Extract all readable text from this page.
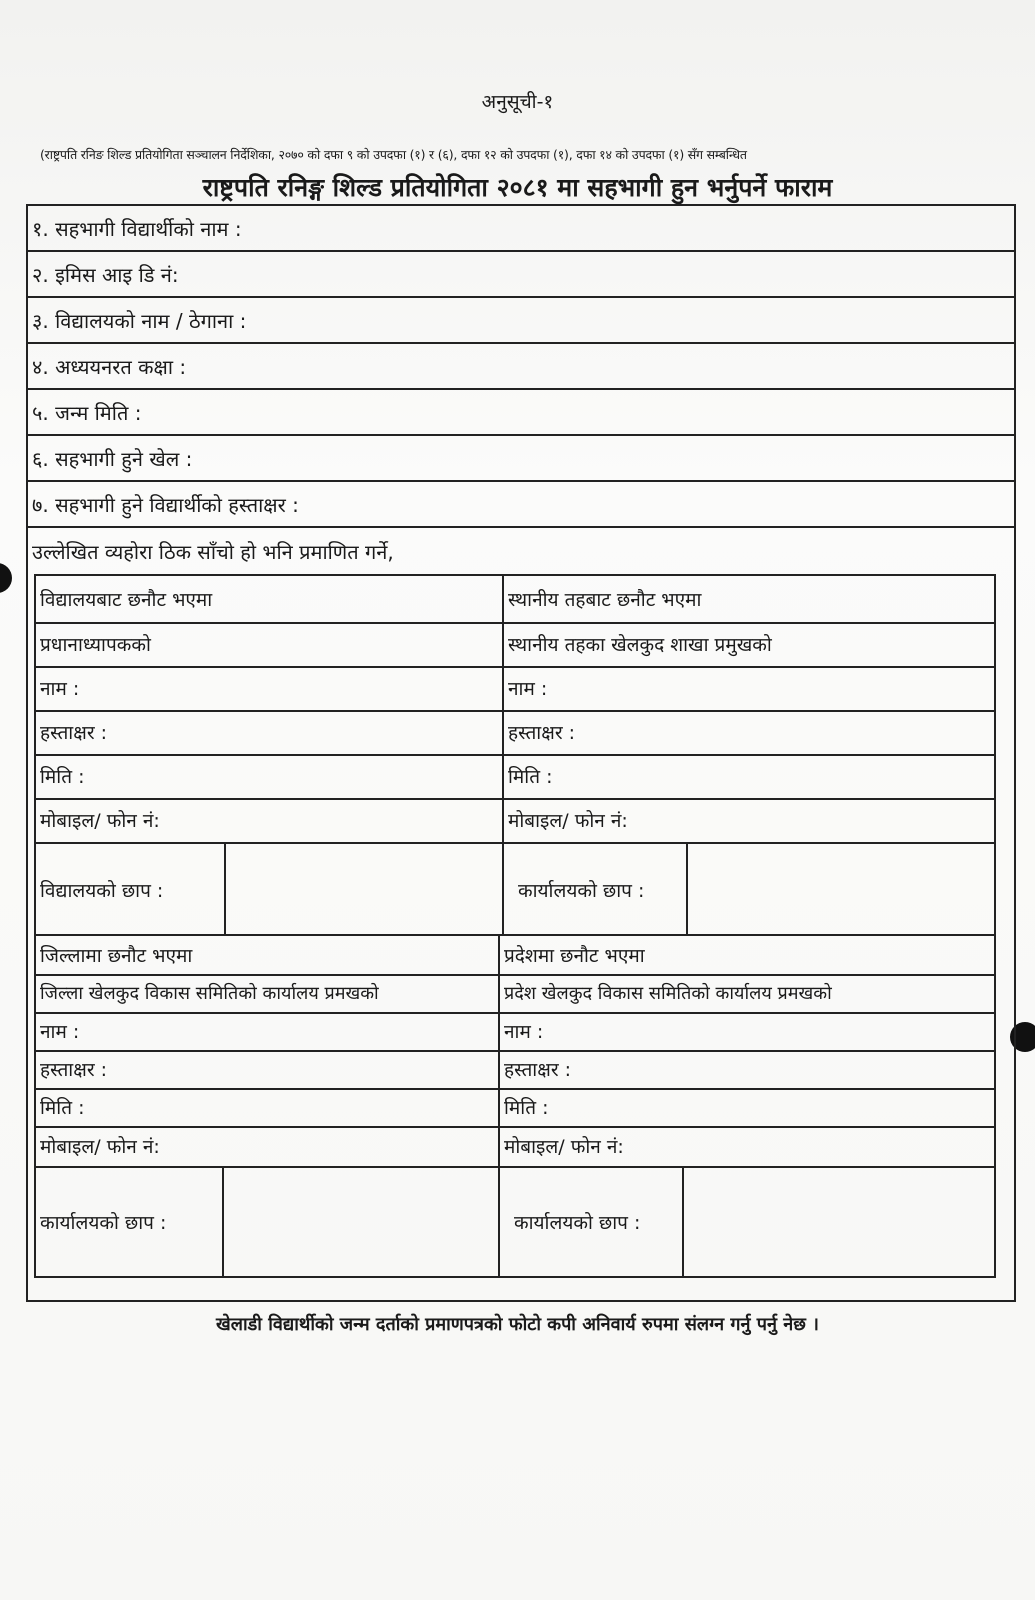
अनुसूची-१
(राष्ट्रपति रनिङ शिल्ड प्रतियोगिता सञ्चालन निर्देशिका, २०७० को दफा ९ को उपदफा (१) र (६), दफा १२ को उपदफा (१), दफा १४ को उपदफा (१) सँग सम्बन्धित
राष्ट्रपति रनिङ्ग शिल्ड प्रतियोगिता २०८१ मा सहभागी हुन भर्नुपर्ने फाराम
१. सहभागी विद्यार्थीको नाम :
२. इमिस आइ डि नं:
३. विद्यालयको नाम / ठेगाना :
४. अध्ययनरत कक्षा :
५. जन्म मिति :
६. सहभागी हुने खेल :
७. सहभागी हुने विद्यार्थीको हस्ताक्षर :
उल्लेखित व्यहोरा ठिक साँचो हो भनि प्रमाणित गर्ने,
विद्यालयबाट छनौट भएमा	स्थानीय तहबाट छनौट भएमा
प्रधानाध्यापकको	स्थानीय तहका खेलकुद शाखा प्रमुखको
नाम :	नाम :
हस्ताक्षर :	हस्ताक्षर :
मिति :	मिति :
मोबाइल/ फोन नं:	मोबाइल/ फोन नं:
विद्यालयको छाप :	कार्यालयको छाप :
जिल्लामा छनौट भएमा	प्रदेशमा छनौट भएमा
जिल्ला खेलकुद विकास समितिको कार्यालय प्रमखको	प्रदेश खेलकुद विकास समितिको कार्यालय प्रमखको
नाम :	नाम :
हस्ताक्षर :	हस्ताक्षर :
मिति :	मिति :
मोबाइल/ फोन नं:	मोबाइल/ फोन नं:
कार्यालयको छाप :	कार्यालयको छाप :
खेलाडी विद्यार्थीको जन्म दर्ताको प्रमाणपत्रको फोटो कपी अनिवार्य रुपमा संलग्न गर्नु पर्नु नेछ ।
